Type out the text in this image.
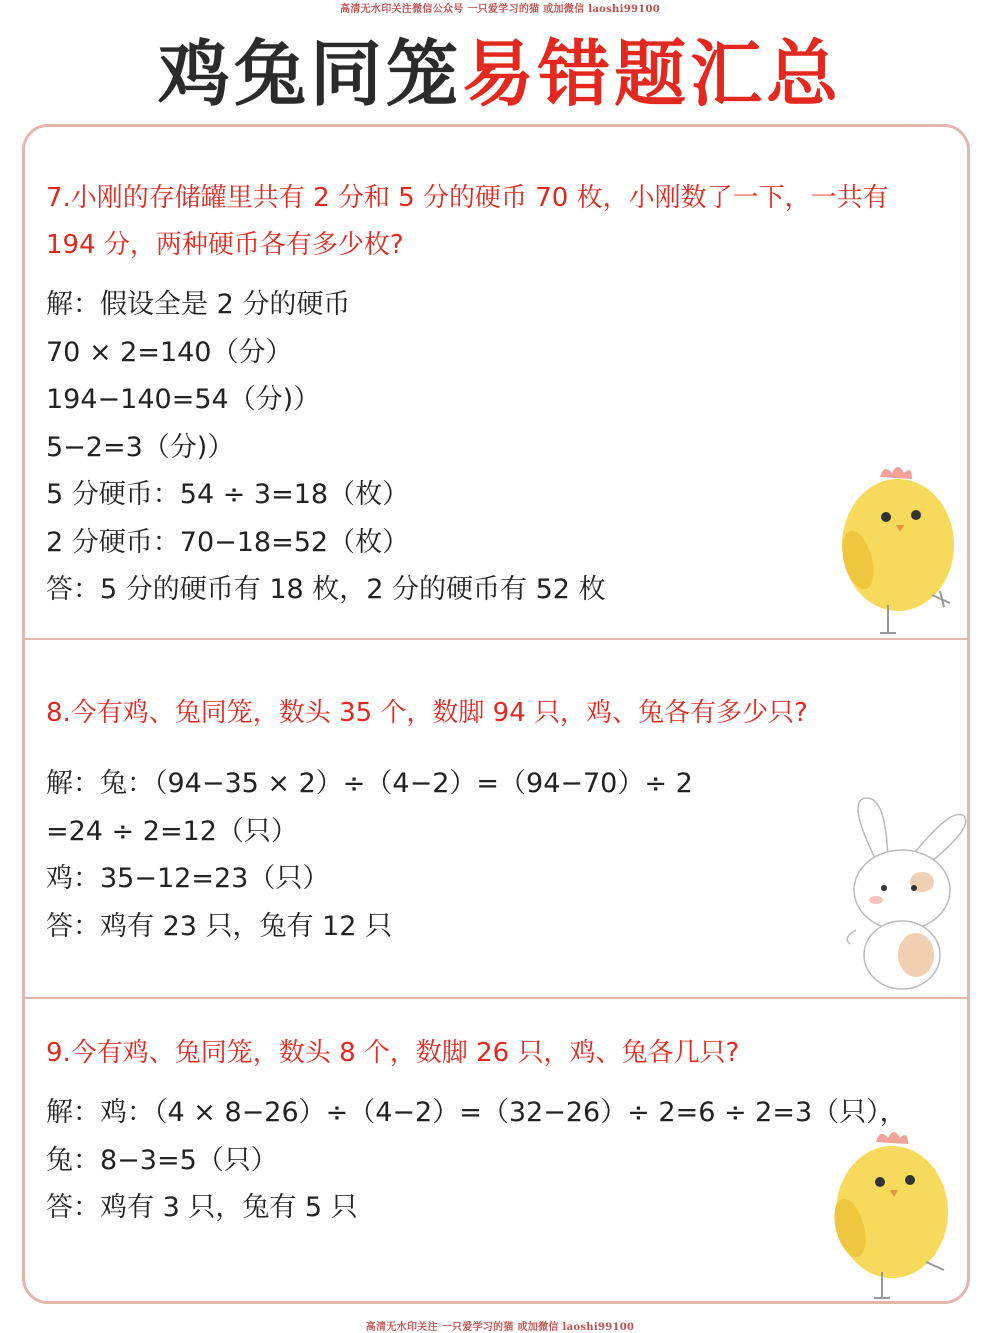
高清无水印关注微信公众号 一只爱学习的猫 或加微信 laoshi99100
鸡兔同笼易错题汇总
7.小刚的存储罐里共有 2 分和 5 分的硬币 70 枚，小刚数了一下，一共有 194 分，两种硬币各有多少枚?
解：假设全是 2 分的硬币
70 × 2=140（分）
194−140=54（分)）
5−2=3（分)）
5 分硬币：54 ÷ 3=18（枚）
2 分硬币：70−18=52（枚）
答：5 分的硬币有 18 枚，2 分的硬币有 52 枚
8.今有鸡、兔同笼，数头 35 个，数脚 94 只，鸡、兔各有多少只?
解：兔：（94−35 × 2）÷（4−2）=（94−70）÷ 2
=24 ÷ 2=12（只）
鸡：35−12=23（只）
答：鸡有 23 只，兔有 12 只
9.今有鸡、兔同笼，数头 8 个，数脚 26 只，鸡、兔各几只?
解：鸡：（4 × 8−26）÷（4−2）=（32−26）÷ 2=6 ÷ 2=3（只），
兔：8−3=5（只）
答：鸡有 3 只，兔有 5 只
高清无水印关注 一只爱学习的猫 或加微信 laoshi99100
